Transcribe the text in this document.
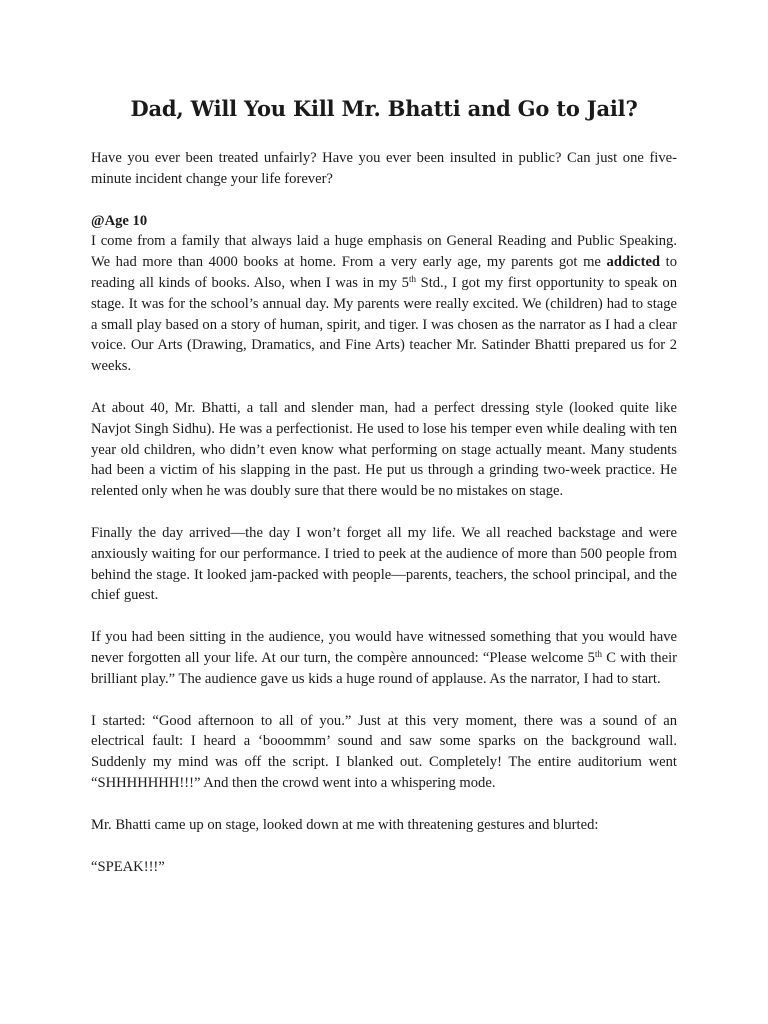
Dad, Will You Kill Mr. Bhatti and Go to Jail?

Have you ever been treated unfairly? Have you ever been insulted in public? Can just one five-minute incident change your life forever?

@Age 10

I come from a family that always laid a huge emphasis on General Reading and Public Speaking. We had more than 4000 books at home. From a very early age, my parents got me addicted to reading all kinds of books. Also, when I was in my 5th Std., I got my first opportunity to speak on stage. It was for the school’s annual day. My parents were really excited. We (children) had to stage a small play based on a story of human, spirit, and tiger. I was chosen as the narrator as I had a clear voice. Our Arts (Drawing, Dramatics, and Fine Arts) teacher Mr. Satinder Bhatti prepared us for 2 weeks.

At about 40, Mr. Bhatti, a tall and slender man, had a perfect dressing style (looked quite like Navjot Singh Sidhu). He was a perfectionist. He used to lose his temper even while dealing with ten year old children, who didn’t even know what performing on stage actually meant. Many students had been a victim of his slapping in the past. He put us through a grinding two-week practice. He relented only when he was doubly sure that there would be no mistakes on stage.

Finally the day arrived—the day I won’t forget all my life. We all reached backstage and were anxiously waiting for our performance. I tried to peek at the audience of more than 500 people from behind the stage. It looked jam-packed with people—parents, teachers, the school principal, and the chief guest.

If you had been sitting in the audience, you would have witnessed something that you would have never forgotten all your life. At our turn, the compère announced: “Please welcome 5th C with their brilliant play.” The audience gave us kids a huge round of applause. As the narrator, I had to start.

I started: “Good afternoon to all of you.” Just at this very moment, there was a sound of an electrical fault: I heard a ‘booommm’ sound and saw some sparks on the background wall. Suddenly my mind was off the script. I blanked out. Completely! The entire auditorium went “SHHHHHHH!!!” And then the crowd went into a whispering mode.

Mr. Bhatti came up on stage, looked down at me with threatening gestures and blurted:

“SPEAK!!!”
